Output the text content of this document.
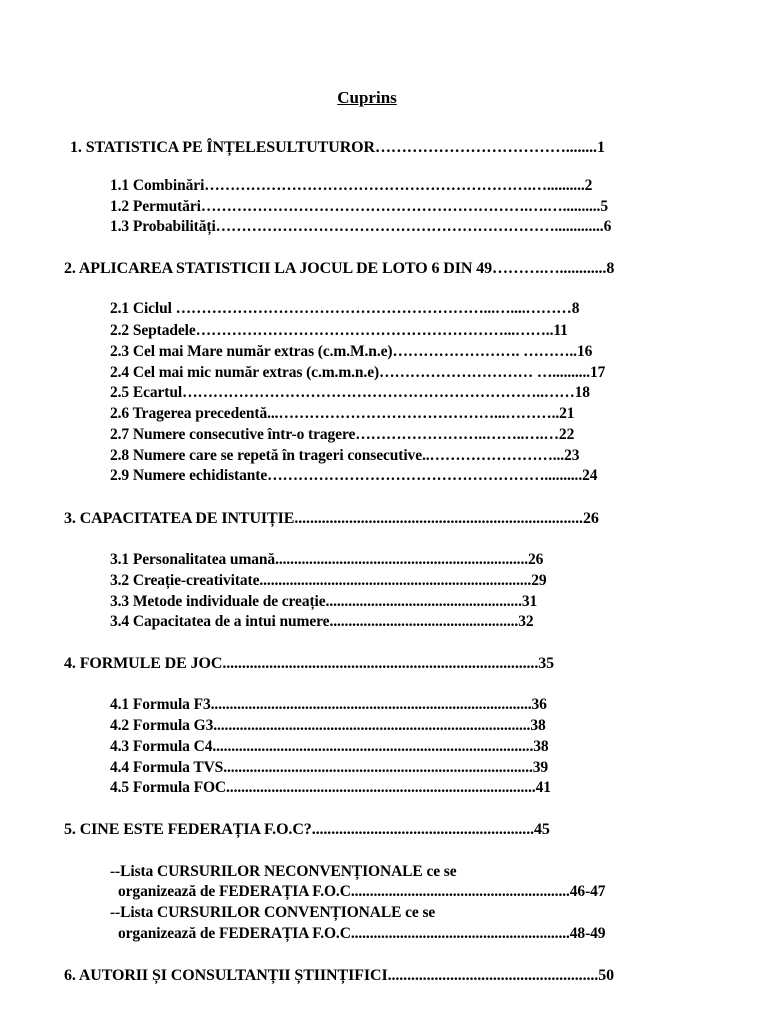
Cuprins
1. STATISTICA PE ÎNȚELESULTUTUROR………………………………........1
1.1 Combinări……………………………………………………….…..........2
1.2 Permutări……………………………………………………….….…..........5
1.3 Probabilități………………………………………………………….............6
2. APLICAREA STATISTICII LA JOCUL DE LOTO 6 DIN 49……….…............8
2.1 Ciclul ……………………………………………………...…....………8
2.2 Septadele……………………………………………………...……..11
2.3 Cel mai Mare număr extras (c.m.M.n.e)……………………. ………..16
2.4 Cel mai mic număr extras (c.m.m.n.e)………………………… …..........17
2.5 Ecartul……………………………………………………………..……18
2.6 Tragerea precedentă...……………………………………...………..21
2.7 Numere consecutive într-o tragere……………………..……..….…22
2.8 Numere care se repetă în trageri consecutive..……………………...23
2.9 Numere echidistante………………………………………………..........24
3. CAPACITATEA DE INTUIȚIE..........................................................................26
3.1 Personalitatea umană...................................................................26
3.2 Creație-creativitate........................................................................29
3.3 Metode individuale de creație....................................................31
3.4 Capacitatea de a intui numere..................................................32
4. FORMULE DE JOC.................................................................................35
4.1 Formula F3.....................................................................................36
4.2 Formula G3....................................................................................38
4.3 Formula C4.....................................................................................38
4.4 Formula TVS..................................................................................39
4.5 Formula FOC..................................................................................41
5. CINE ESTE FEDERAȚIA F.O.C?.........................................................45
--Lista CURSURILOR NECONVENȚIONALE ce se
organizează de FEDERAȚIA F.O.C..........................................................46-47
--Lista CURSURILOR CONVENȚIONALE ce se
organizează de FEDERAȚIA F.O.C..........................................................48-49
6. AUTORII ȘI CONSULTANȚII ȘTIINȚIFICI......................................................50
